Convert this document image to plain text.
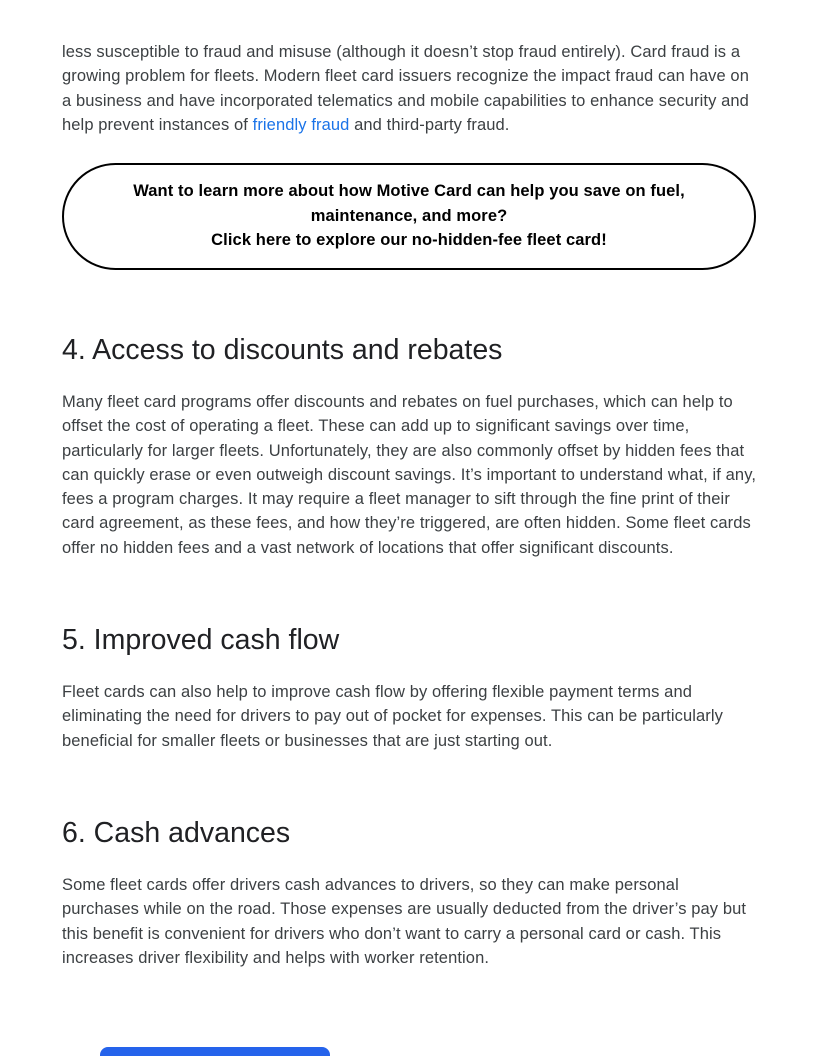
less susceptible to fraud and misuse (although it doesn’t stop fraud entirely). Card fraud is a growing problem for fleets. Modern fleet card issuers recognize the impact fraud can have on a business and have incorporated telematics and mobile capabilities to enhance security and help prevent instances of friendly fraud and third-party fraud.

Want to learn more about how Motive Card can help you save on fuel,
maintenance, and more?
Click here to explore our no-hidden-fee fleet card!
4. Access to discounts and rebates

Many fleet card programs offer discounts and rebates on fuel purchases, which can help to offset the cost of operating a fleet. These can add up to significant savings over time, particularly for larger fleets. Unfortunately, they are also commonly offset by hidden fees that can quickly erase or even outweigh discount savings. It’s important to understand what, if any, fees a program charges. It may require a fleet manager to sift through the fine print of their card agreement, as these fees, and how they’re triggered, are often hidden. Some fleet cards offer no hidden fees and a vast network of locations that offer significant discounts.

5. Improved cash flow

Fleet cards can also help to improve cash flow by offering flexible payment terms and eliminating the need for drivers to pay out of pocket for expenses. This can be particularly beneficial for smaller fleets or businesses that are just starting out.

6. Cash advances

Some fleet cards offer drivers cash advances to drivers, so they can make personal purchases while on the road. Those expenses are usually deducted from the driver’s pay but this benefit is convenient for drivers who don’t want to carry a personal card or cash. This increases driver flexibility and helps with worker retention.
